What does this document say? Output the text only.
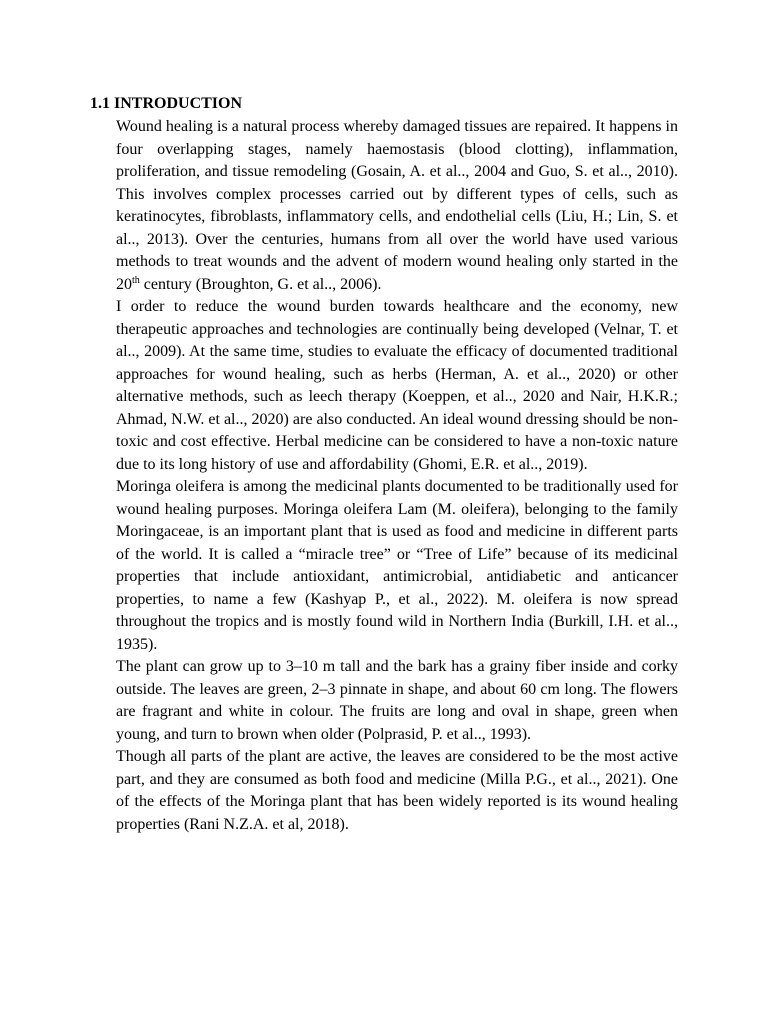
1.1 INTRODUCTION

Wound healing is a natural process whereby damaged tissues are repaired. It happens in four overlapping stages, namely haemostasis (blood clotting), inflammation, proliferation, and tissue remodeling (Gosain, A. et al.., 2004 and Guo, S. et al.., 2010). This involves complex processes carried out by different types of cells, such as keratinocytes, fibroblasts, inflammatory cells, and endothelial cells (Liu, H.; Lin, S. et al.., 2013). Over the centuries, humans from all over the world have used various methods to treat wounds and the advent of modern wound healing only started in the 20th century (Broughton, G. et al.., 2006).

I order to reduce the wound burden towards healthcare and the economy, new therapeutic approaches and technologies are continually being developed (Velnar, T. et al.., 2009). At the same time, studies to evaluate the efficacy of documented traditional approaches for wound healing, such as herbs (Herman, A. et al.., 2020) or other alternative methods, such as leech therapy (Koeppen, et al.., 2020 and Nair, H.K.R.; Ahmad, N.W. et al.., 2020) are also conducted. An ideal wound dressing should be non-toxic and cost effective. Herbal medicine can be considered to have a non-toxic nature due to its long history of use and affordability (Ghomi, E.R. et al.., 2019).

Moringa oleifera is among the medicinal plants documented to be traditionally used for wound healing purposes. Moringa oleifera Lam (M. oleifera), belonging to the family Moringaceae, is an important plant that is used as food and medicine in different parts of the world. It is called a “miracle tree” or “Tree of Life” because of its medicinal properties that include antioxidant, antimicrobial, antidiabetic and anticancer properties, to name a few (Kashyap P., et al., 2022). M. oleifera is now spread throughout the tropics and is mostly found wild in Northern India (Burkill, I.H. et al.., 1935).

The plant can grow up to 3–10 m tall and the bark has a grainy fiber inside and corky outside. The leaves are green, 2–3 pinnate in shape, and about 60 cm long. The flowers are fragrant and white in colour. The fruits are long and oval in shape, green when young, and turn to brown when older (Polprasid, P. et al.., 1993).

Though all parts of the plant are active, the leaves are considered to be the most active part, and they are consumed as both food and medicine (Milla P.G., et al.., 2021). One of the effects of the Moringa plant that has been widely reported is its wound healing properties (Rani N.Z.A. et al, 2018).
